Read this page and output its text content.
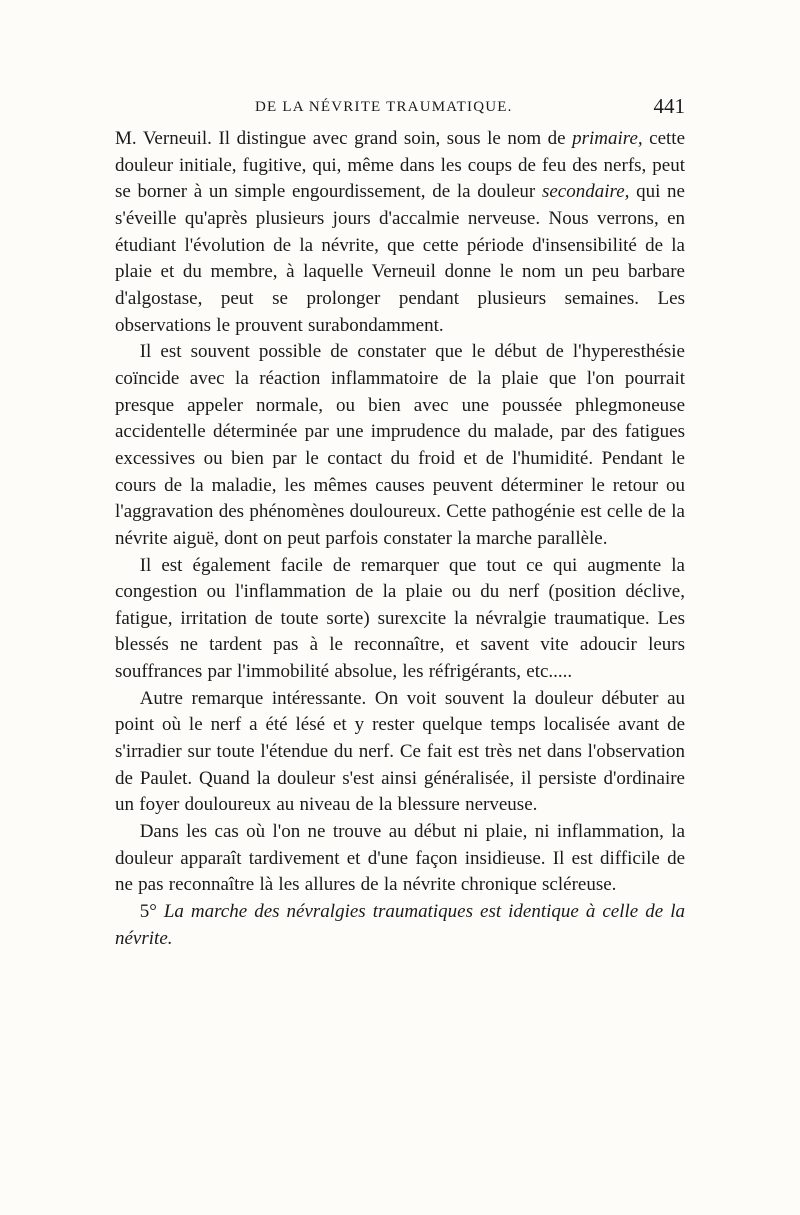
DE LA NÉVRITE TRAUMATIQUE.	441

M. Verneuil. Il distingue avec grand soin, sous le nom de primaire, cette douleur initiale, fugitive, qui, même dans les coups de feu des nerfs, peut se borner à un simple engourdissement, de la douleur secondaire, qui ne s'éveille qu'après plusieurs jours d'accalmie nerveuse. Nous verrons, en étudiant l'évolution de la névrite, que cette période d'insensibilité de la plaie et du membre, à laquelle Verneuil donne le nom un peu barbare d'algostase, peut se prolonger pendant plusieurs semaines. Les observations le prouvent surabondamment.

Il est souvent possible de constater que le début de l'hyperesthésie coïncide avec la réaction inflammatoire de la plaie que l'on pourrait presque appeler normale, ou bien avec une poussée phlegmoneuse accidentelle déterminée par une imprudence du malade, par des fatigues excessives ou bien par le contact du froid et de l'humidité. Pendant le cours de la maladie, les mêmes causes peuvent déterminer le retour ou l'aggravation des phénomènes douloureux. Cette pathogénie est celle de la névrite aiguë, dont on peut parfois constater la marche parallèle.

Il est également facile de remarquer que tout ce qui augmente la congestion ou l'inflammation de la plaie ou du nerf (position déclive, fatigue, irritation de toute sorte) surexcite la névralgie traumatique. Les blessés ne tardent pas à le reconnaître, et savent vite adoucir leurs souffrances par l'immobilité absolue, les réfrigérants, etc.....

Autre remarque intéressante. On voit souvent la douleur débuter au point où le nerf a été lésé et y rester quelque temps localisée avant de s'irradier sur toute l'étendue du nerf. Ce fait est très net dans l'observation de Paulet. Quand la douleur s'est ainsi généralisée, il persiste d'ordinaire un foyer douloureux au niveau de la blessure nerveuse.

Dans les cas où l'on ne trouve au début ni plaie, ni inflammation, la douleur apparaît tardivement et d'une façon insidieuse. Il est difficile de ne pas reconnaître là les allures de la névrite chronique scléreuse.

5° La marche des névralgies traumatiques est identique à celle de la névrite.
